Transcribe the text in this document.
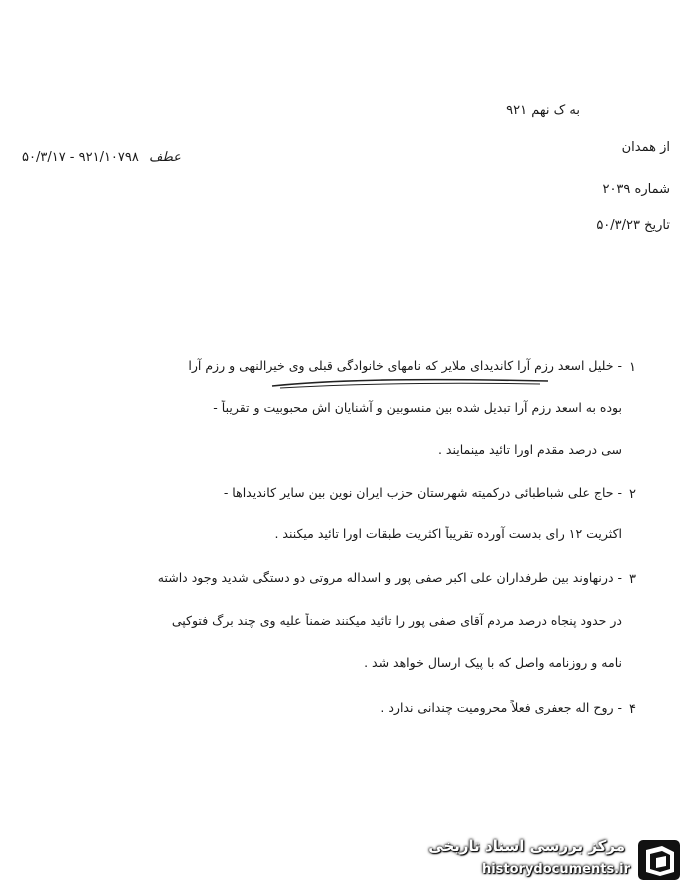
به ک نهم ۹۲۱
از همدان
شماره ۲۰۳۹
تاریخ ۵۰/۳/۲۳
۵۰/۳/۱۷ - ۹۲۱/۱۰۷۹۸ عطف
۱
- خلیل اسعد رزم آرا کاندیدای ملایر که نامهای خانوادگی قبلی وی خیرالنهی و رزم آرا
بوده به اسعد رزم آرا تبدیل شده بین منسوبین و آشنایان اش محبوبیت و تقریباً -
سی درصد مقدم اورا تائید مینمایند .
۲
- حاج علی شباطبائی درکمیته شهرستان حزب ایران نوین بین سایر کاندیداها -
اکثریت ۱۲ رای بدست آورده تقریباً اکثریت طبقات اورا تائید میکنند .
۳
- درنهاوند بین طرفداران علی اکبر صفی پور و اسداله مروتی دو دستگی شدید وجود داشته
در حدود پنجاه درصد مردم آقای صفی پور را تائید میکنند ضمناً علیه وی چند برگ فتوکپی
نامه و روزنامه واصل که با پیک ارسال خواهد شد .
۴
- روح اله جعفری فعلاً محرومیت چندانی ندارد .
مرکز بررسی اسناد تاریخی
historydocuments.ir
